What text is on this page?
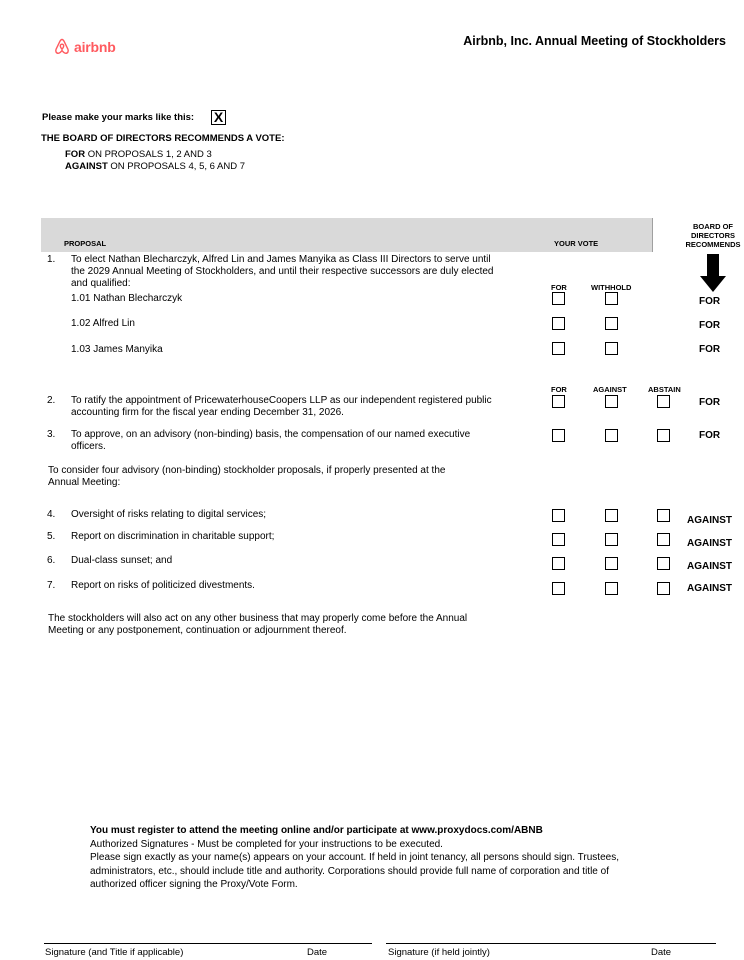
airbnb	Airbnb, Inc. Annual Meeting of Stockholders
Please make your marks like this: X
THE BOARD OF DIRECTORS RECOMMENDS A VOTE:
FOR ON PROPOSALS 1, 2 AND 3
AGAINST ON PROPOSALS 4, 5, 6 AND 7
PROPOSAL	YOUR VOTE
BOARD OF DIRECTORS RECOMMENDS
1. To elect Nathan Blecharczyk, Alfred Lin and James Manyika as Class III Directors to serve until
the 2029 Annual Meeting of Stockholders, and until their respective successors are duly elected
and qualified:	FOR	WITHHOLD
1.01 Nathan Blecharczyk	FOR
1.02 Alfred Lin	FOR
1.03 James Manyika	FOR
FOR	AGAINST	ABSTAIN
2. To ratify the appointment of PricewaterhouseCoopers LLP as our independent registered public
accounting firm for the fiscal year ending December 31, 2026.
FOR
3. To approve, on an advisory (non-binding) basis, the compensation of our named executive
officers.
FOR
To consider four advisory (non-binding) stockholder proposals, if properly presented at the
Annual Meeting:
4. Oversight of risks relating to digital services;
AGAINST
5. Report on discrimination in charitable support;
AGAINST
6. Dual-class sunset; and
AGAINST
7. Report on risks of politicized divestments.	AGAINST
The stockholders will also act on any other business that may properly come before the Annual
Meeting or any postponement, continuation or adjournment thereof.
You must register to attend the meeting online and/or participate at www.proxydocs.com/ABNB
Authorized Signatures - Must be completed for your instructions to be executed.
Please sign exactly as your name(s) appears on your account. If held in joint tenancy, all persons should sign. Trustees,
administrators, etc., should include title and authority. Corporations should provide full name of corporation and title of
authorized officer signing the Proxy/Vote Form.
Signature (and Title if applicable)	Date	Signature (if held jointly)	Date
